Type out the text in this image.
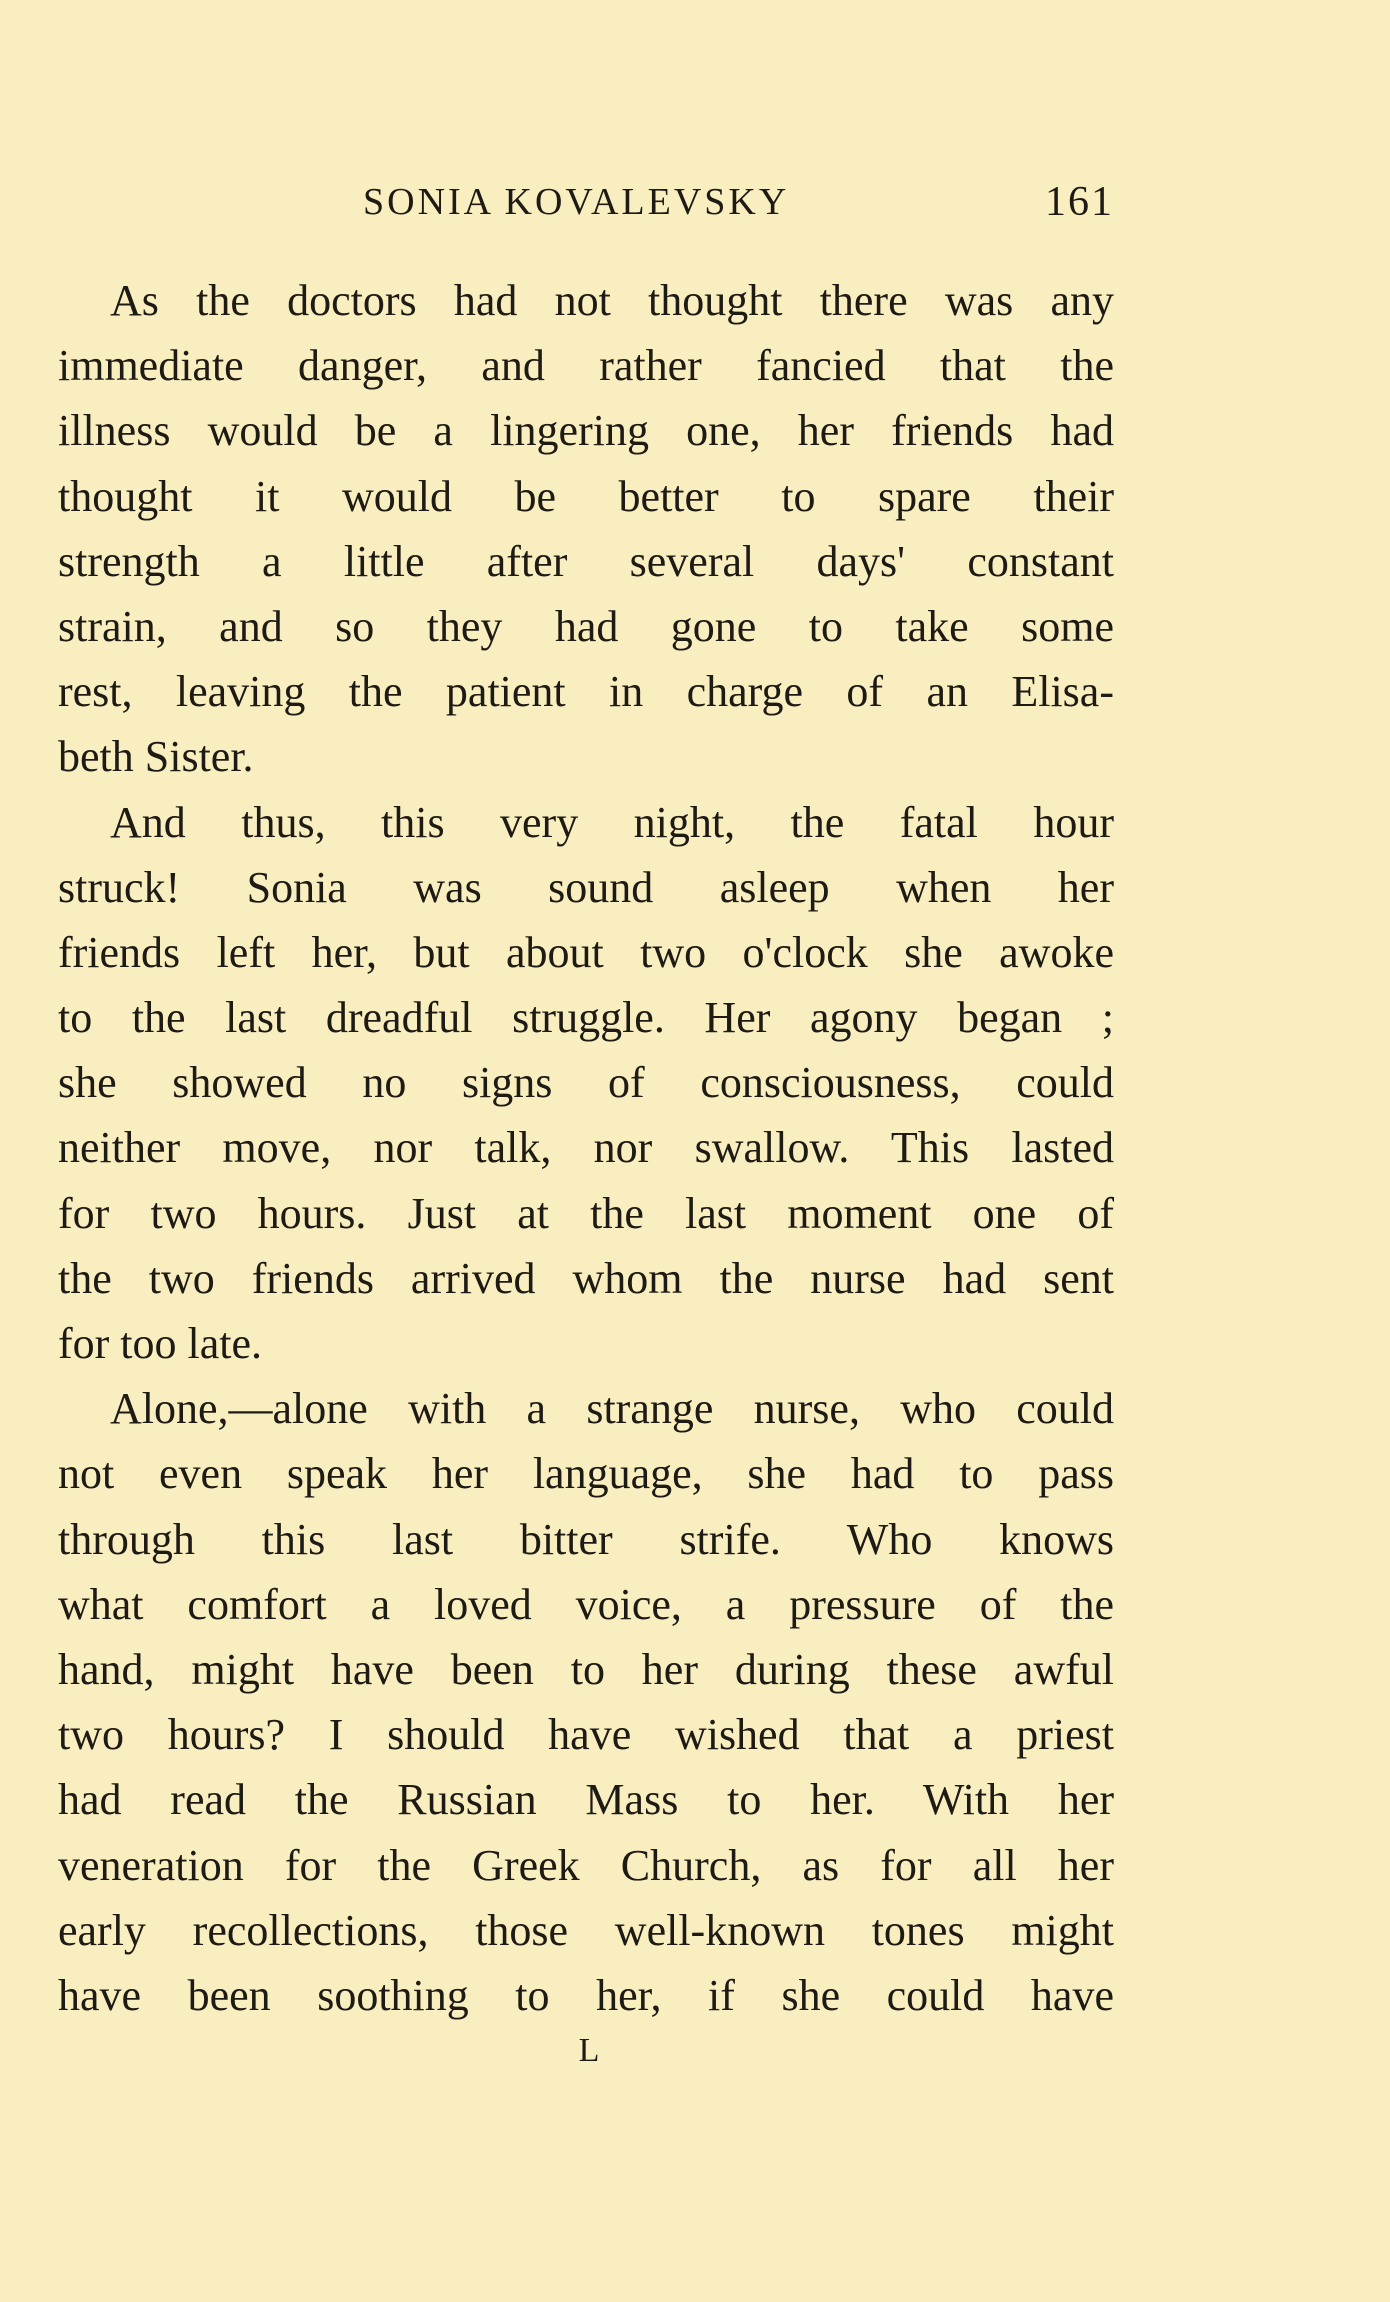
SONIA KOVALEVSKY	161
As the doctors had not thought there was any
immediate danger, and rather fancied that the
illness would be a lingering one, her friends had
thought it would be better to spare their
strength a little after several days' constant
strain, and so they had gone to take some
rest, leaving the patient in charge of an Elisa-
beth Sister.
And thus, this very night, the fatal hour
struck! Sonia was sound asleep when her
friends left her, but about two o'clock she awoke
to the last dreadful struggle. Her agony began ;
she showed no signs of consciousness, could
neither move, nor talk, nor swallow. This lasted
for two hours. Just at the last moment one of
the two friends arrived whom the nurse had sent
for too late.
Alone,—alone with a strange nurse, who could
not even speak her language, she had to pass
through this last bitter strife. Who knows
what comfort a loved voice, a pressure of the
hand, might have been to her during these awful
two hours? I should have wished that a priest
had read the Russian Mass to her. With her
veneration for the Greek Church, as for all her
early recollections, those well-known tones might
have been soothing to her, if she could have
L
